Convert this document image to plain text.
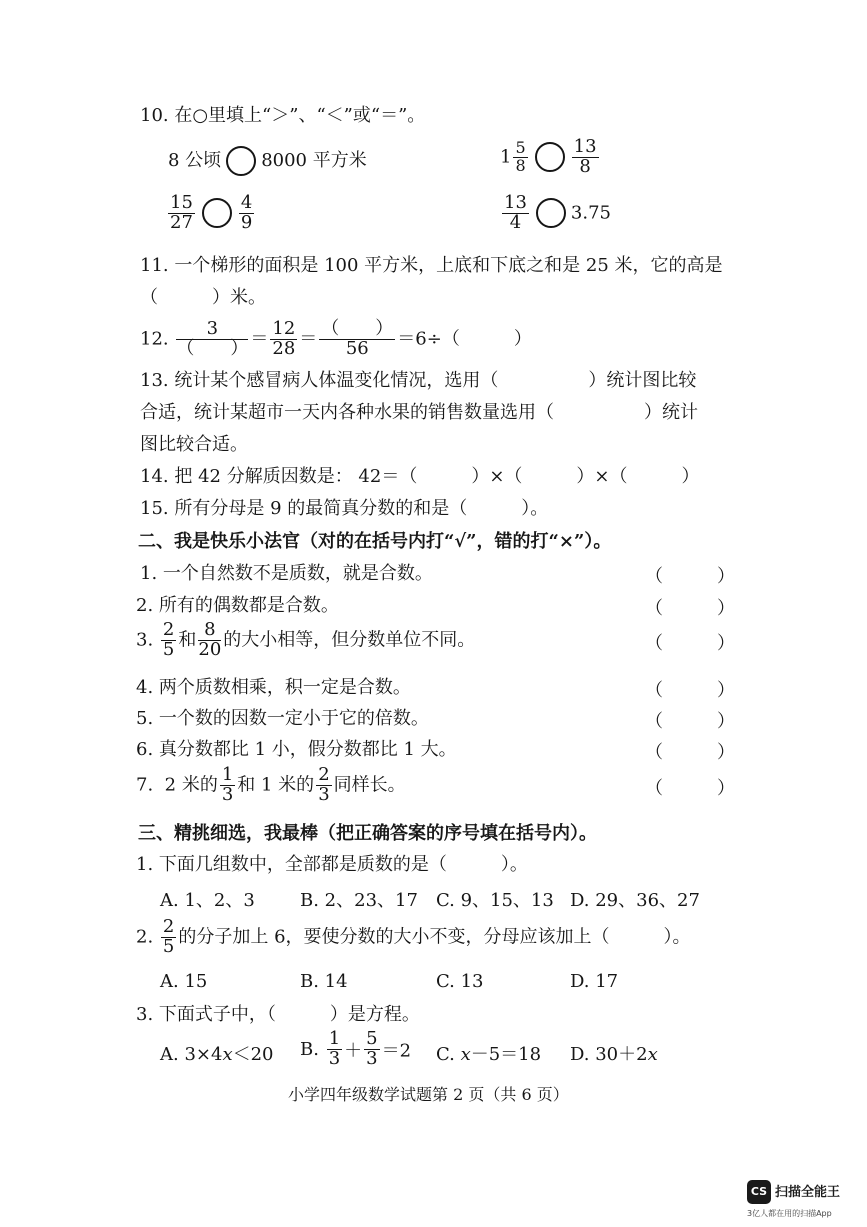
10. 在○里填上“＞”、“＜”或“＝”。
8 公顷 8000 平方米	$1 \frac{5}{8} \frac{13}{8}$
$\frac{15}{27} \frac{4}{9}$	$\frac{13}{4} 3.75$
11. 一个梯形的面积是 100 平方米，上底和下底之和是 25 米，它的高是
（　　　）米。
12.	3
（　　） ＝ $\frac{12}{28}$ ＝ （　　）
56	＝6÷（　　　）
13. 统计某个感冒病人体温变化情况，选用（　　　　　）统计图比较
合适，统计某超市一天内各种水果的销售数量选用（　　　　　）统计
图比较合适。
14. 把 42 分解质因数是： 42＝（　　　）×（　　　）×（　　　）
15. 所有分母是 9 的最简真分数的和是（　　　）。
二、我是快乐小法官（对的在括号内打“√”，错的打“×”）。
1. 一个自然数不是质数，就是合数。	（　　　）
2. 所有的偶数都是合数。	（　　　）
3. $\frac{2}{5}$ 和 $\frac{8}{20}$ 的大小相等，但分数单位不同。	（　　　）
4. 两个质数相乘，积一定是合数。	（　　　）
5. 一个数的因数一定小于它的倍数。	（　　　）
6. 真分数都比 1 小，假分数都比 1 大。	（　　　）
7. 2 米的 $\frac{1}{3}$ 和 1 米的 $\frac{2}{3}$ 同样长。	（　　　）
三、精挑细选，我最棒（把正确答案的序号填在括号内）。
1. 下面几组数中，全部都是质数的是（　　　）。
A. 1、2、3	B. 2、23、17 C. 9、15、13 D. 29、36、27
2. $\frac{2}{5}$ 的分子加上 6，要使分数的大小不变，分母应该加上（　　　）。
A. 15	B. 14	C. 13	D. 17
3. 下面式子中，（　　　）是方程。
A. 3×4x＜20 B. $\frac{1}{3} + \frac{5}{3} =2$ C. x－5＝18 D. 30＋2x
小学四年级数学试题第 2 页（共 6 页）
CS 扫描全能王
3亿人都在用的扫描App
